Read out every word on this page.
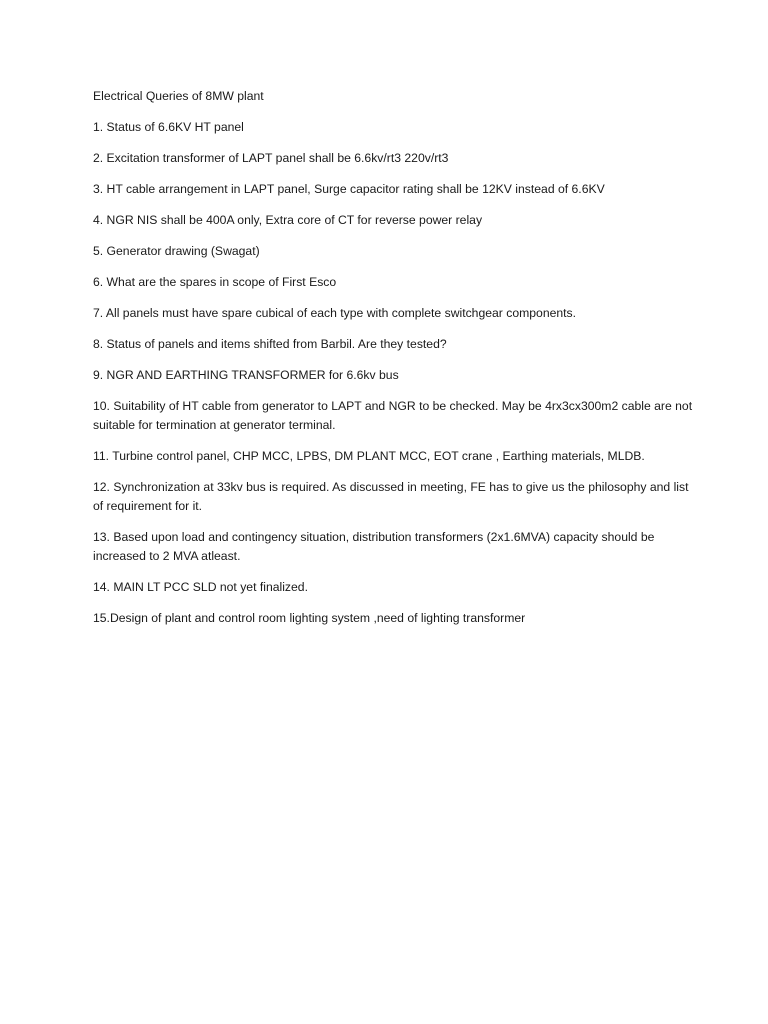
Electrical Queries of 8MW plant
1. Status of 6.6KV HT panel
2. Excitation transformer of LAPT panel shall be 6.6kv/rt3 220v/rt3
3. HT cable arrangement in LAPT panel, Surge capacitor rating shall be 12KV instead of 6.6KV
4. NGR NIS shall be 400A only, Extra core of CT for reverse power relay
5. Generator drawing (Swagat)
6. What are the spares in scope of First Esco
7. All panels must have spare cubical of each type with complete switchgear components.
8. Status of panels and items shifted from Barbil. Are they tested?
9. NGR AND EARTHING TRANSFORMER for 6.6kv bus
10. Suitability of HT cable from generator to LAPT and NGR to be checked. May be 4rx3cx300m2 cable are not suitable for termination at generator terminal.
11. Turbine control panel, CHP MCC, LPBS, DM PLANT MCC, EOT crane , Earthing materials, MLDB.
12. Synchronization at 33kv bus is required. As discussed in meeting, FE has to give us the philosophy and list of requirement for it.
13. Based upon load and contingency situation, distribution transformers (2x1.6MVA) capacity should be increased to 2 MVA atleast.
14. MAIN LT PCC SLD not yet finalized.
15.Design of plant and control room lighting system ,need of lighting transformer
